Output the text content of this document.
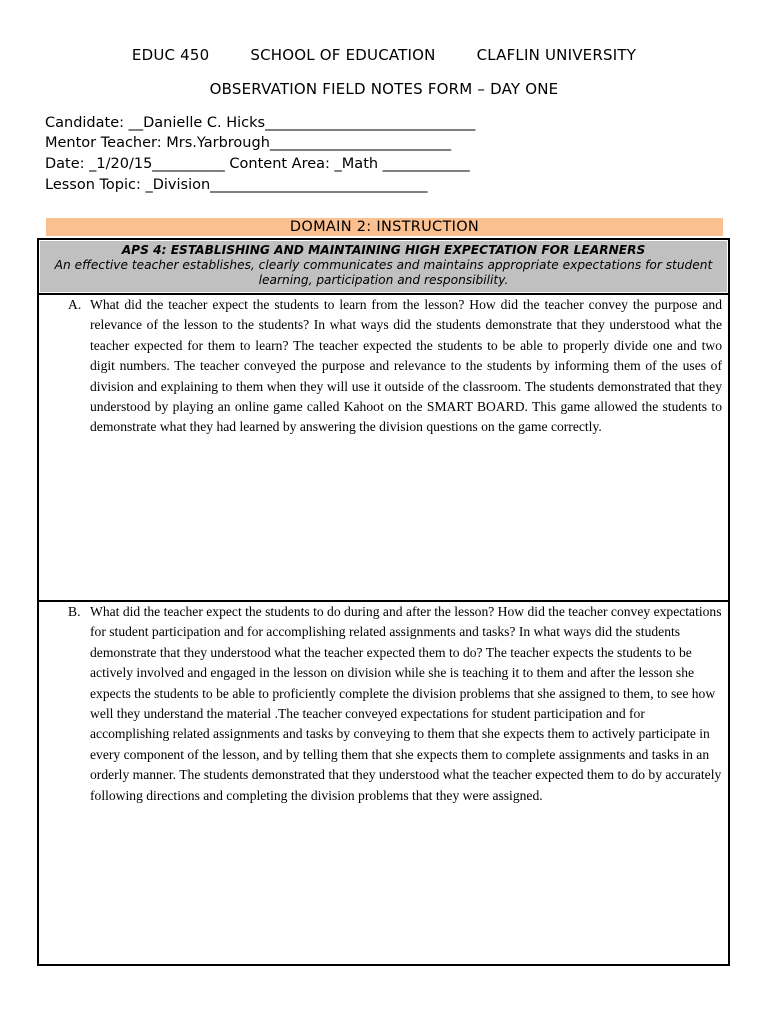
EDUC 450	SCHOOL OF EDUCATION	CLAFLIN UNIVERSITY
OBSERVATION FIELD NOTES FORM – DAY ONE
Candidate: __Danielle C. Hicks_____________________________
Mentor Teacher: Mrs.Yarbrough_________________________
Date: _1/20/15__________ Content Area: _Math ____________
Lesson Topic: _Division______________________________
DOMAIN 2: INSTRUCTION
APS 4: ESTABLISHING AND MAINTAINING HIGH EXPECTATION FOR LEARNERS
An effective teacher establishes, clearly communicates and maintains appropriate expectations for student learning, participation and responsibility.
A. What did the teacher expect the students to learn from the lesson? How did the teacher convey the purpose and relevance of the lesson to the students? In what ways did the students demonstrate that they understood what the teacher expected for them to learn? The teacher expected the students to be able to properly divide one and two digit numbers. The teacher conveyed the purpose and relevance to the students by informing them of the uses of division and explaining to them when they will use it outside of the classroom. The students demonstrated that they understood by playing an online game called Kahoot on the SMART BOARD. This game allowed the students to demonstrate what they had learned by answering the division questions on the game correctly.
B. What did the teacher expect the students to do during and after the lesson? How did the teacher convey expectations for student participation and for accomplishing related assignments and tasks? In what ways did the students demonstrate that they understood what the teacher expected them to do? The teacher expects the students to be actively involved and engaged in the lesson on division while she is teaching it to them and after the lesson she expects the students to be able to proficiently complete the division problems that she assigned to them, to see how well they understand the material .The teacher conveyed expectations for student participation and for accomplishing related assignments and tasks by conveying to them that she expects them to actively participate in every component of the lesson, and by telling them that she expects them to complete assignments and tasks in an orderly manner. The students demonstrated that they understood what the teacher expected them to do by accurately following directions and completing the division problems that they were assigned.
